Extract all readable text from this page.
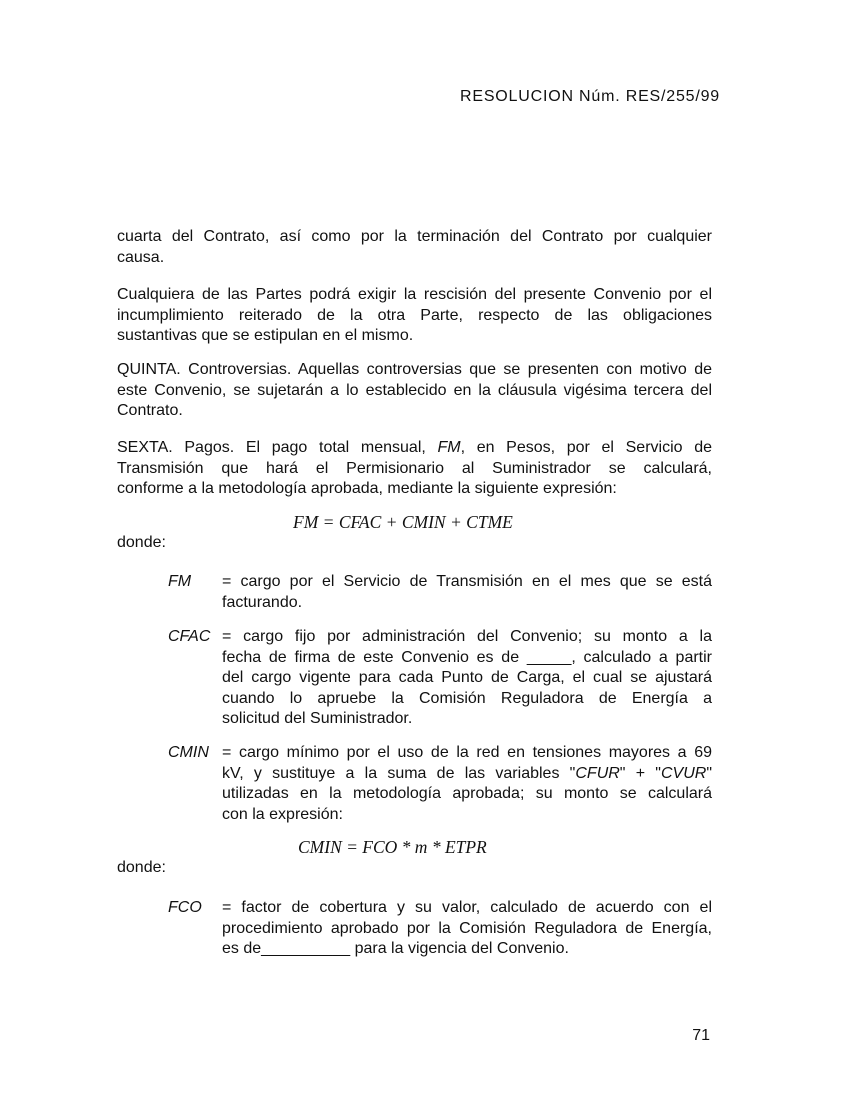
RESOLUCION Núm. RES/255/99
cuarta del Contrato, así como por la terminación del Contrato por cualquier
causa.
Cualquiera de las Partes podrá exigir la rescisión del presente Convenio por el
incumplimiento reiterado de la otra Parte, respecto de las obligaciones
sustantivas que se estipulan en el mismo.
QUINTA. Controversias. Aquellas controversias que se presenten con motivo de
este Convenio, se sujetarán a lo establecido en la cláusula vigésima tercera del
Contrato.
SEXTA. Pagos. El pago total mensual, FM, en Pesos, por el Servicio de
Transmisión que hará el Permisionario al Suministrador se calculará,
conforme a la metodología aprobada, mediante la siguiente expresión:
FM = CFAC + CMIN + CTME
donde:
FM	= cargo por el Servicio de Transmisión en el mes que se está
facturando.
CFAC = cargo fijo por administración del Convenio; su monto a la
fecha de firma de este Convenio es de _____, calculado a partir
del cargo vigente para cada Punto de Carga, el cual se ajustará
cuando lo apruebe la Comisión Reguladora de Energía a
solicitud del Suministrador.
CMIN = cargo mínimo por el uso de la red en tensiones mayores a 69
kV, y sustituye a la suma de las variables "CFUR" + "CVUR"
utilizadas en la metodología aprobada; su monto se calculará
con la expresión:
CMIN = FCO * m * ETPR
donde:
FCO	= factor de cobertura y su valor, calculado de acuerdo con el
procedimiento aprobado por la Comisión Reguladora de Energía,
es de__________ para la vigencia del Convenio.
71
